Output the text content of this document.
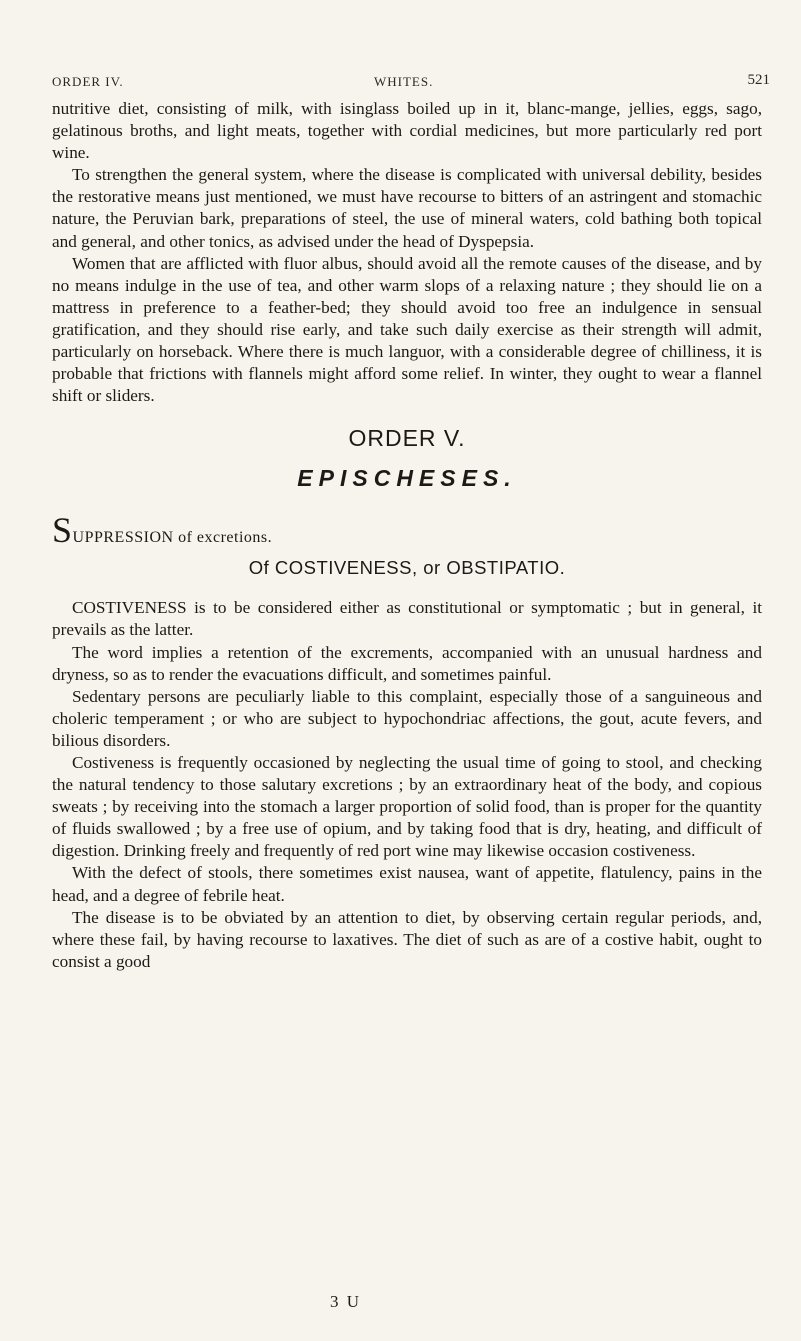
ORDER IV.	WHITES.	521

nutritive diet, consisting of milk, with isinglass boiled up in it, blanc-mange, jellies, eggs, sago, gelatinous broths, and light meats, together with cordial medicines, but more particularly red port wine.

To strengthen the general system, where the disease is complicated with universal debility, besides the restorative means just mentioned, we must have recourse to bitters of an astringent and stomachic nature, the Peruvian bark, preparations of steel, the use of mineral waters, cold bathing both topical and general, and other tonics, as advised under the head of Dyspepsia.

Women that are afflicted with fluor albus, should avoid all the remote causes of the disease, and by no means indulge in the use of tea, and other warm slops of a relaxing nature ; they should lie on a mattress in preference to a feather-bed; they should avoid too free an indulgence in sensual gratification, and they should rise early, and take such daily exercise as their strength will admit, particularly on horseback. Where there is much languor, with a considerable degree of chilliness, it is probable that frictions with flannels might afford some relief. In winter, they ought to wear a flannel shift or sliders.

ORDER V.
EPISCHESES.
SUPPRESSION of excretions.
Of COSTIVENESS, or OBSTIPATIO.

COSTIVENESS is to be considered either as constitutional or symptomatic ; but in general, it prevails as the latter.

The word implies a retention of the excrements, accompanied with an unusual hardness and dryness, so as to render the evacuations difficult, and sometimes painful.

Sedentary persons are peculiarly liable to this complaint, especially those of a sanguineous and choleric temperament ; or who are subject to hypochondriac affections, the gout, acute fevers, and bilious disorders.

Costiveness is frequently occasioned by neglecting the usual time of going to stool, and checking the natural tendency to those salutary excretions ; by an extraordinary heat of the body, and copious sweats ; by receiving into the stomach a larger proportion of solid food, than is proper for the quantity of fluids swallowed ; by a free use of opium, and by taking food that is dry, heating, and difficult of digestion. Drinking freely and frequently of red port wine may likewise occasion costiveness.

With the defect of stools, there sometimes exist nausea, want of appetite, flatulency, pains in the head, and a degree of febrile heat.

The disease is to be obviated by an attention to diet, by observing certain regular periods, and, where these fail, by having recourse to laxatives. The diet of such as are of a costive habit, ought to consist a good

3 U
